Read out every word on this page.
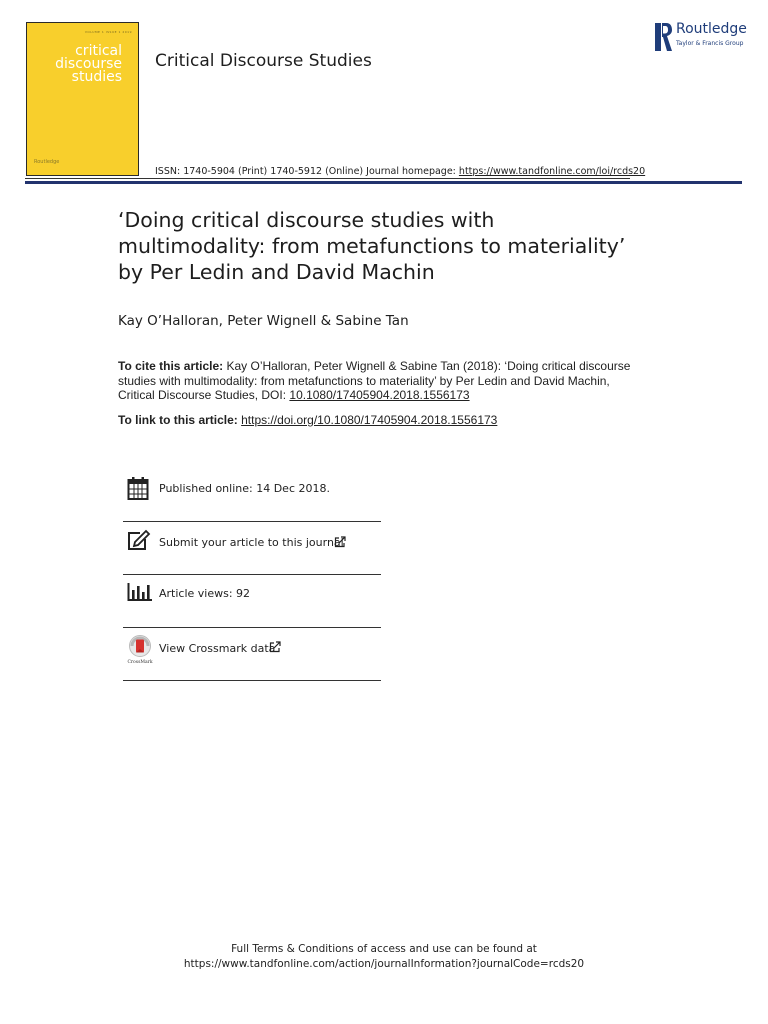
VOLUME 1 ISSUE 1 2019
critical
discourse
studies
Routledge
Critical Discourse Studies
Routledge
Taylor & Francis Group
ISSN: 1740-5904 (Print) 1740-5912 (Online) Journal homepage: https://www.tandfonline.com/loi/rcds20
‘Doing critical discourse studies with
multimodality: from metafunctions to materiality’
by Per Ledin and David Machin
Kay O’Halloran, Peter Wignell & Sabine Tan
To cite this article: Kay O’Halloran, Peter Wignell & Sabine Tan (2018): ‘Doing critical discourse
studies with multimodality: from metafunctions to materiality’ by Per Ledin and David Machin,
Critical Discourse Studies, DOI: 10.1080/17405904.2018.1556173
To link to this article: https://doi.org/10.1080/17405904.2018.1556173
Published online: 14 Dec 2018.
Submit your article to this journal
Article views: 92
CrossMark
View Crossmark data
Full Terms & Conditions of access and use can be found at
https://www.tandfonline.com/action/journalInformation?journalCode=rcds20
